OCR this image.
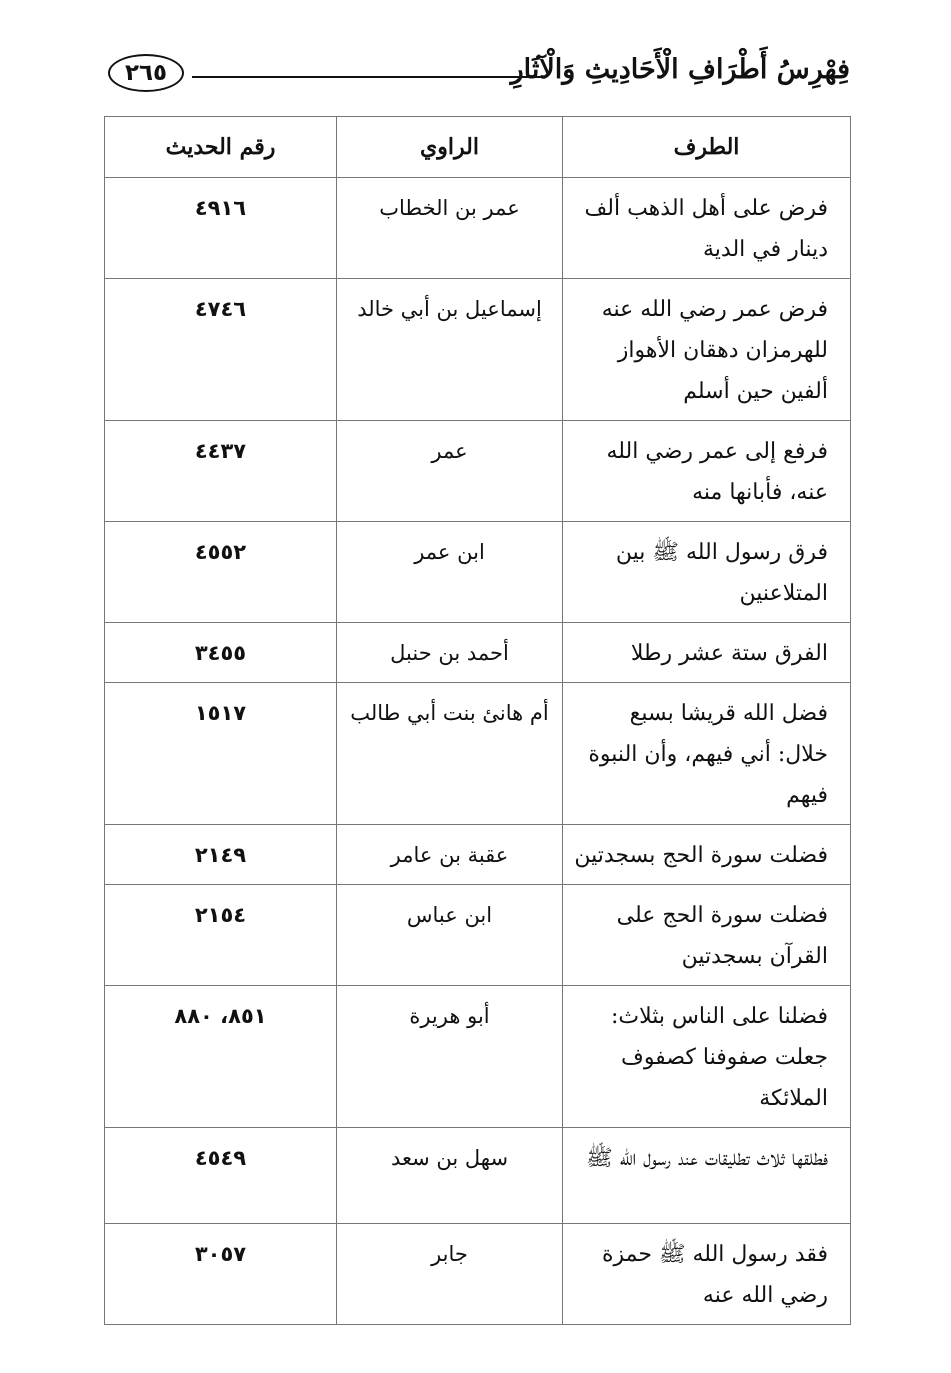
فِهْرِسُ أَطْرَافِ الْأَحَادِيثِ وَالْآثَارِ
٢٦٥
الطرف	الراوي	رقم الحديث
فرض على أهل الذهب ألف دينار في الدية	عمر بن الخطاب	٤٩١٦
فرض عمر رضي الله عنه للهرمزان دهقان الأهواز ألفين حين أسلم	إسماعيل بن أبي خالد	٤٧٤٦
فرفع إلى عمر رضي الله عنه، فأبانها منه	عمر	٤٤٣٧
فرق رسول الله ﷺ بين المتلاعنين	ابن عمر	٤٥٥٢
الفرق ستة عشر رطلا	أحمد بن حنبل	٣٤٥٥
فضل الله قريشا بسبع خلال: أني فيهم، وأن النبوة فيهم	أم هانئ بنت أبي طالب	١٥١٧
فضلت سورة الحج بسجدتين	عقبة بن عامر	٢١٤٩
فضلت سورة الحج على القرآن بسجدتين	ابن عباس	٢١٥٤
فضلنا على الناس بثلاث: جعلت صفوفنا كصفوف الملائكة	أبو هريرة	٨٥١، ٨٨٠
فطلقها ثلاث تطليقات عند رسول الله ﷺ	سهل بن سعد	٤٥٤٩
فقد رسول الله ﷺ حمزة رضي الله عنه	جابر	٣٠٥٧
